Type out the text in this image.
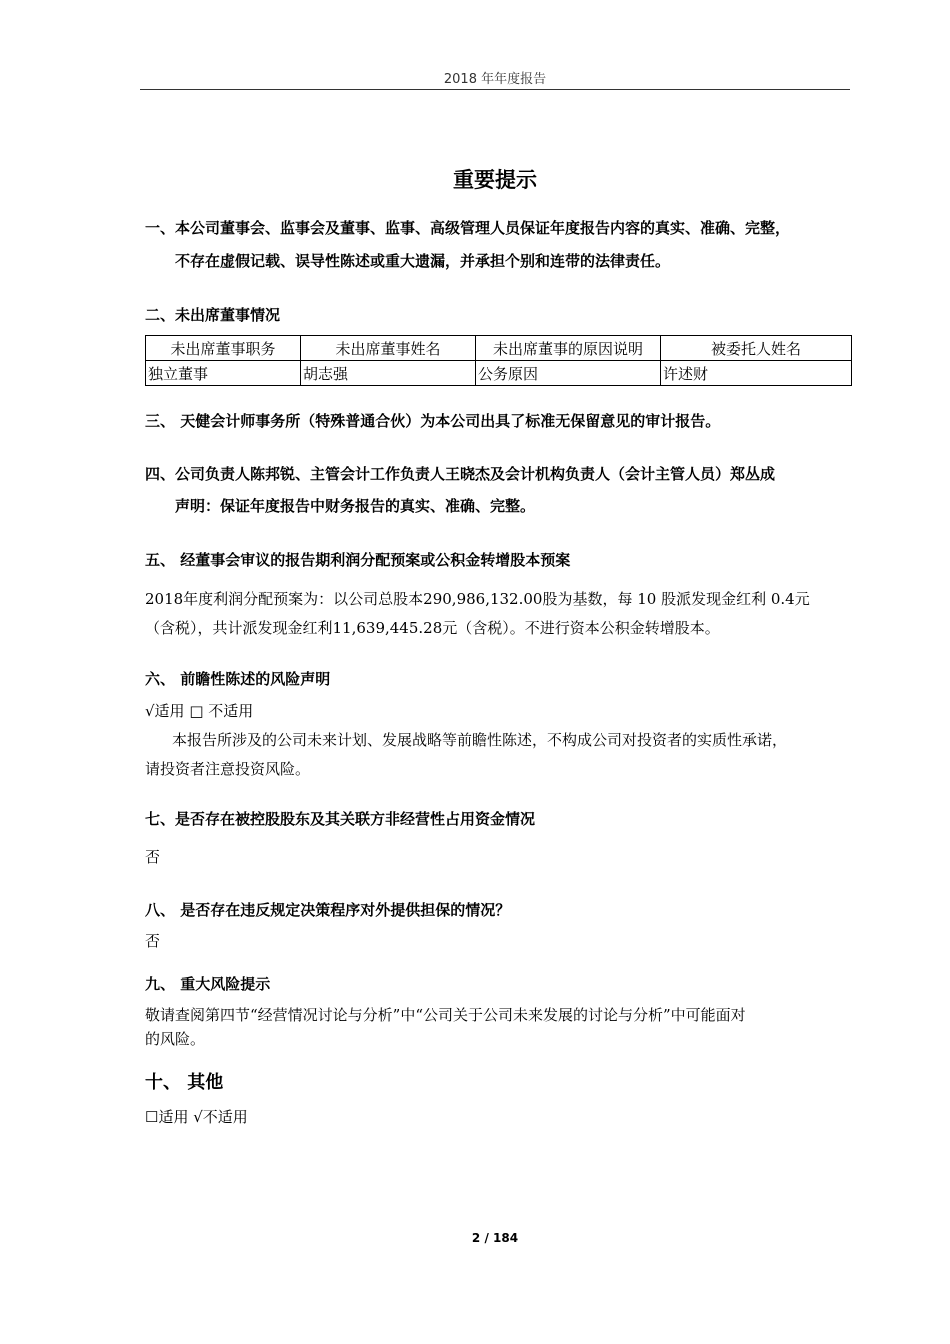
2018 年年度报告
重要提示
一、本公司董事会、监事会及董事、监事、高级管理人员保证年度报告内容的真实、准确、完整，
不存在虚假记载、误导性陈述或重大遗漏，并承担个别和连带的法律责任。
二、未出席董事情况
未出席董事职务	未出席董事姓名	未出席董事的原因说明	被委托人姓名
独立董事	胡志强	公务原因	许述财
三、 天健会计师事务所（特殊普通合伙）为本公司出具了标准无保留意见的审计报告。
四、公司负责人陈邦锐、主管会计工作负责人王晓杰及会计机构负责人（会计主管人员）郑丛成
声明：保证年度报告中财务报告的真实、准确、完整。
五、 经董事会审议的报告期利润分配预案或公积金转增股本预案
2018年度利润分配预案为：以公司总股本290,986,132.00股为基数，每 10 股派发现金红利 0.4元
（含税），共计派发现金红利11,639,445.28元（含税）。不进行资本公积金转增股本。
六、 前瞻性陈述的风险声明
√适用 □ 不适用
本报告所涉及的公司未来计划、发展战略等前瞻性陈述，不构成公司对投资者的实质性承诺，
请投资者注意投资风险。
七、是否存在被控股股东及其关联方非经营性占用资金情况
否
八、 是否存在违反规定决策程序对外提供担保的情况？
否
九、 重大风险提示
敬请查阅第四节“经营情况讨论与分析”中“公司关于公司未来发展的讨论与分析”中可能面对
的风险。
十、 其他
☐适用 √不适用
2 / 184
